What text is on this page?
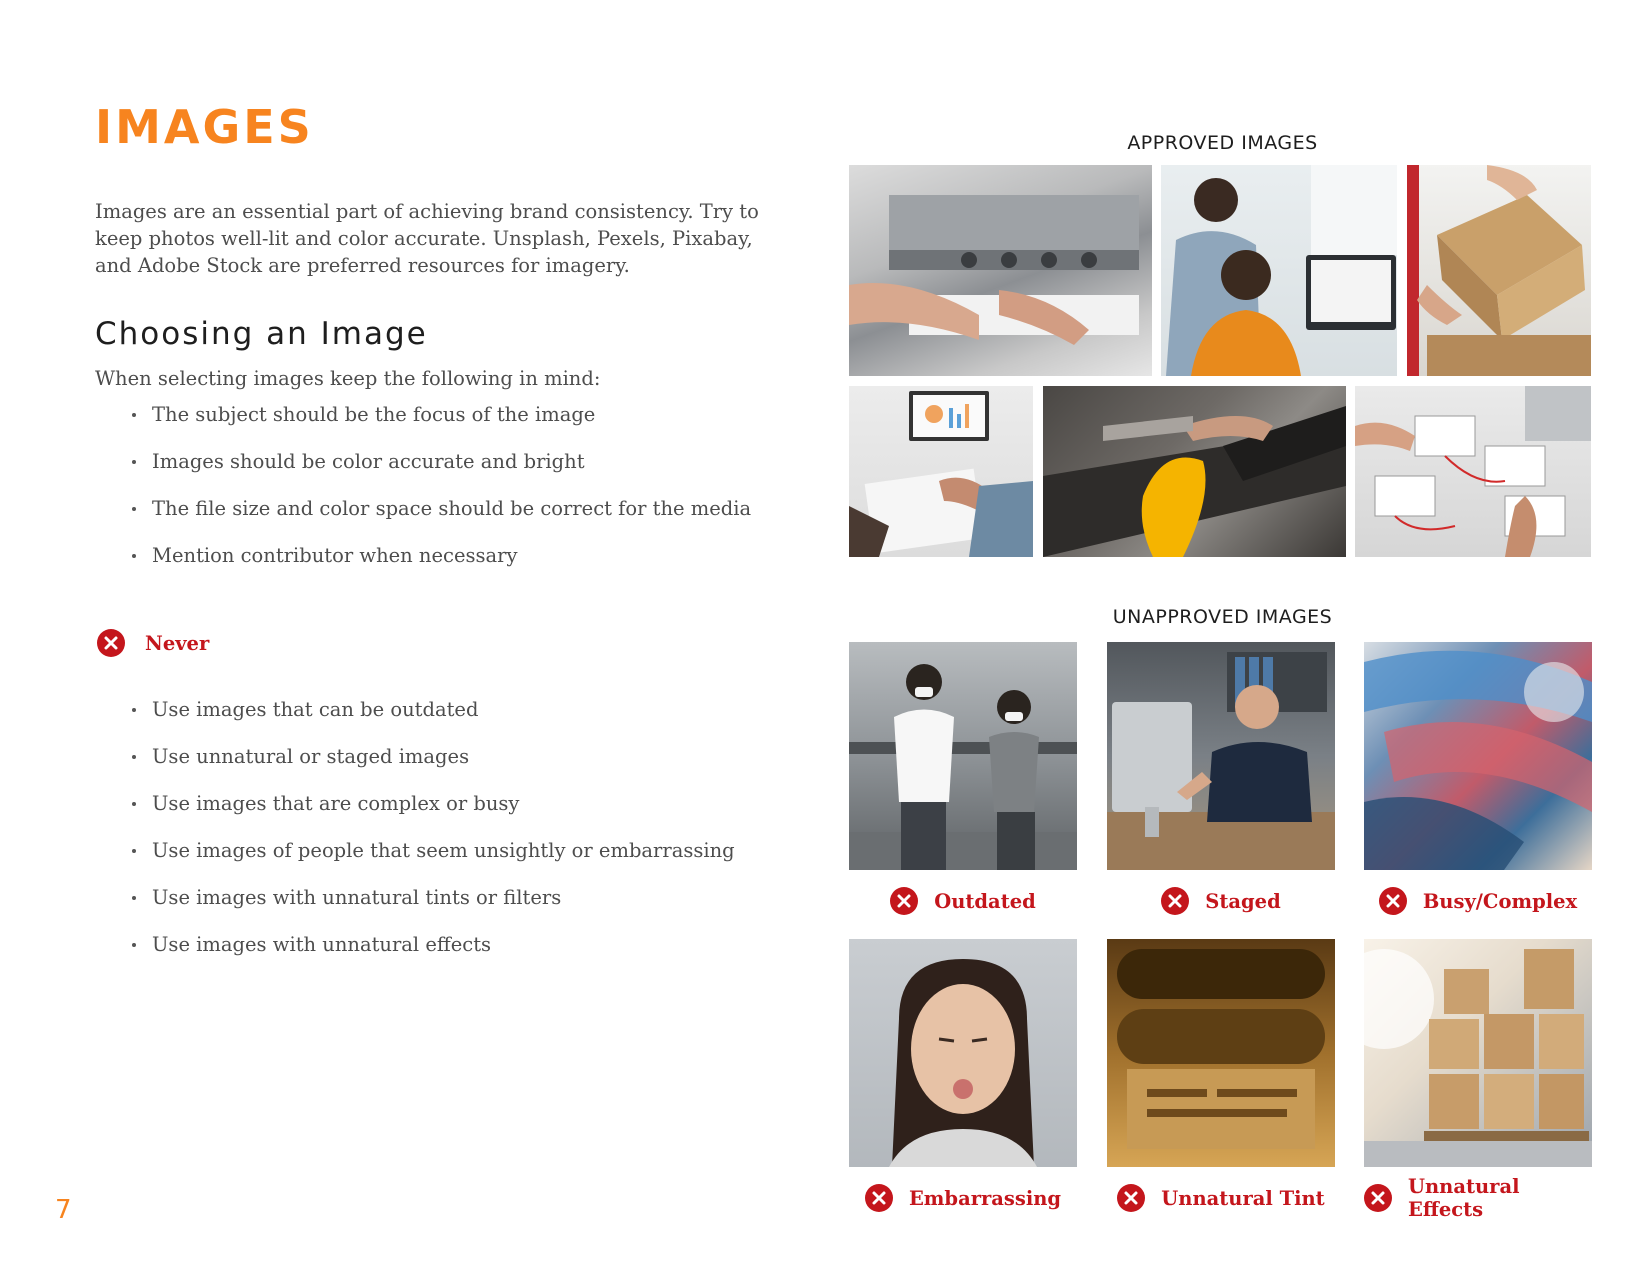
IMAGES

Images are an essential part of achieving brand consistency. Try to keep photos well-lit and color accurate. Unsplash, Pexels, Pixabay, and Adobe Stock are preferred resources for imagery.

Choosing an Image

When selecting images keep the following in mind:

The subject should be the focus of the image
Images should be color accurate and bright
The file size and color space should be correct for the media
Mention contributor when necessary
Never
Use images that can be outdated
Use unnatural or staged images
Use images that are complex or busy
Use images of people that seem unsightly or embarrassing
Use images with unnatural tints or filters
Use images with unnatural effects
7
APPROVED IMAGES
UNAPPROVED IMAGES
Outdated	Staged	Busy/Complex
Embarrassing	Unnatural Tint	Unnatural Effects
